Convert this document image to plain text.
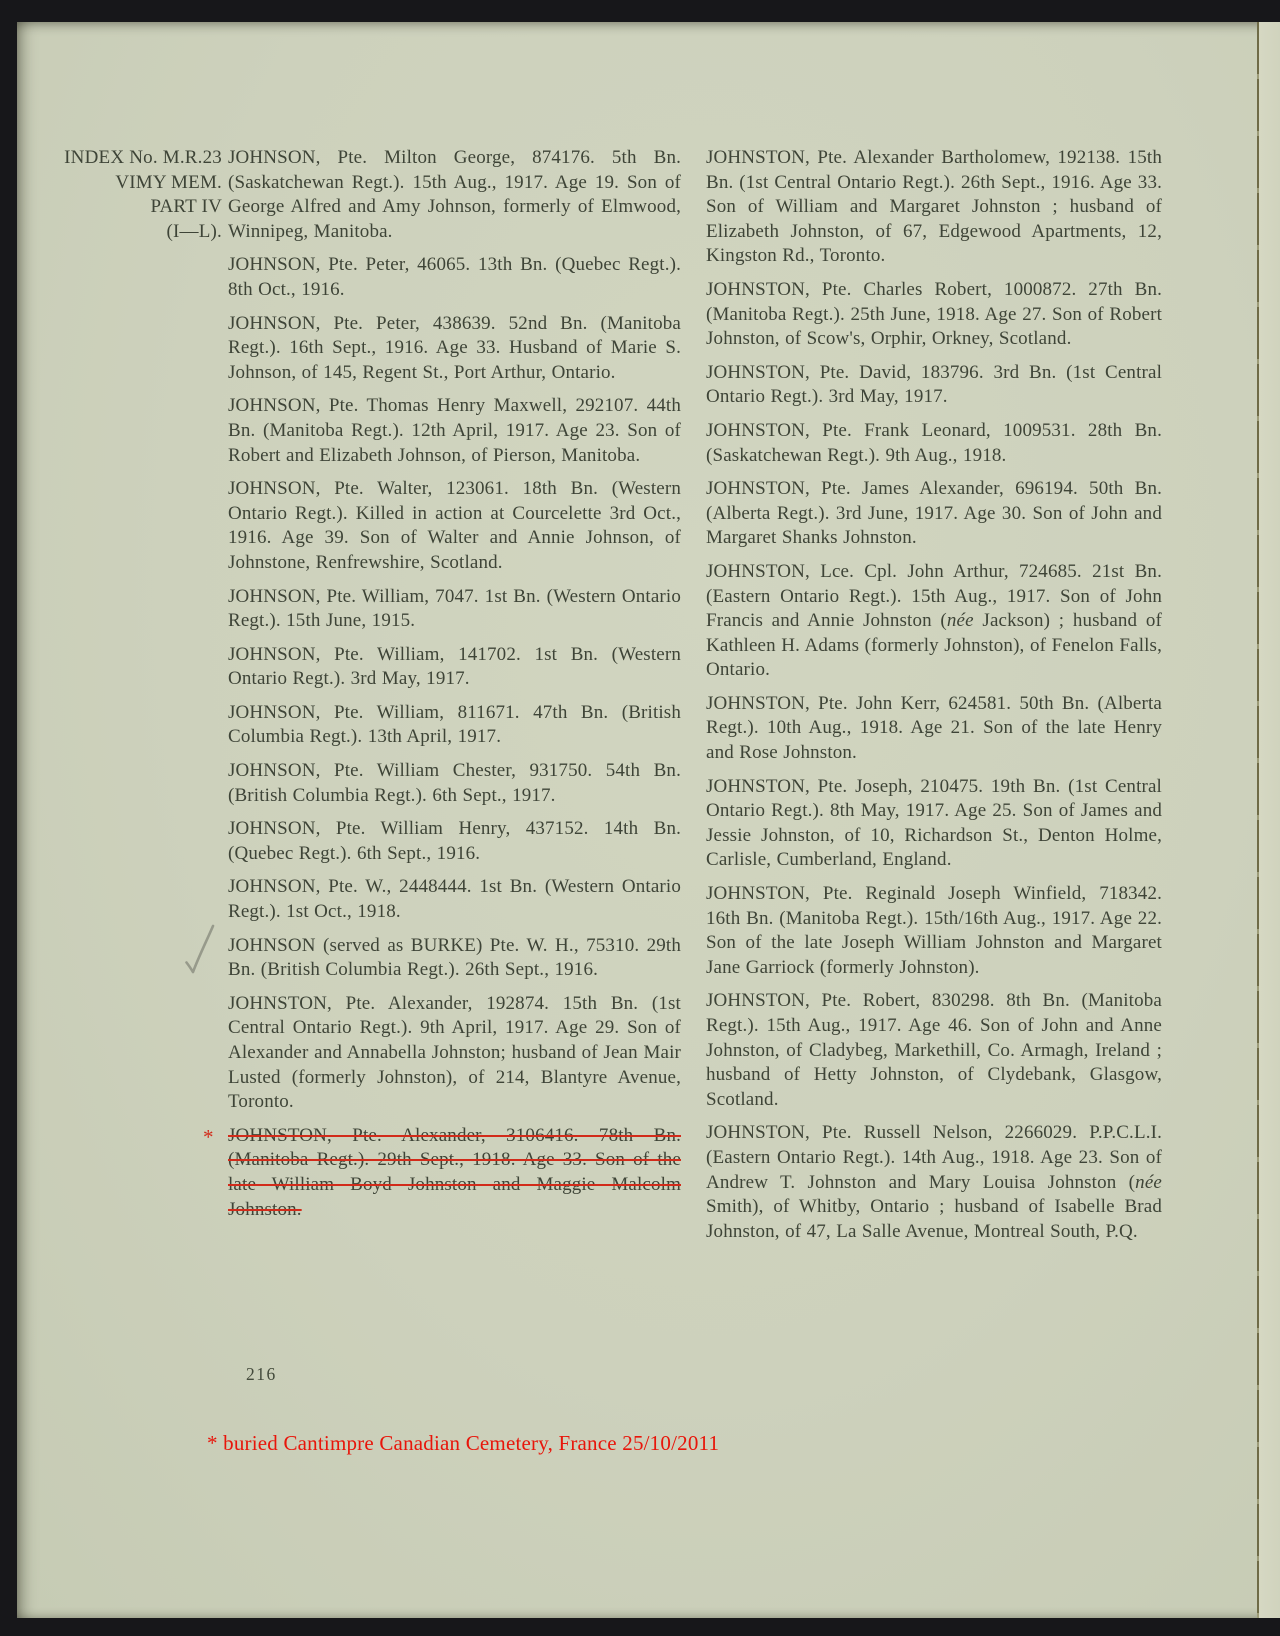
INDEX No. M.R.23
VIMY MEM.
PART IV
(I—L).

JOHNSON, Pte. Milton George, 874176. 5th Bn. (Saskatchewan Regt.). 15th Aug., 1917. Age 19. Son of George Alfred and Amy Johnson, formerly of Elmwood, Winnipeg, Manitoba.

JOHNSON, Pte. Peter, 46065. 13th Bn. (Quebec Regt.). 8th Oct., 1916.

JOHNSON, Pte. Peter, 438639. 52nd Bn. (Manitoba Regt.). 16th Sept., 1916. Age 33. Husband of Marie S. Johnson, of 145, Regent St., Port Arthur, Ontario.

JOHNSON, Pte. Thomas Henry Maxwell, 292107. 44th Bn. (Manitoba Regt.). 12th April, 1917. Age 23. Son of Robert and Elizabeth Johnson, of Pierson, Manitoba.

JOHNSON, Pte. Walter, 123061. 18th Bn. (Western Ontario Regt.). Killed in action at Courcelette 3rd Oct., 1916. Age 39. Son of Walter and Annie Johnson, of Johnstone, Renfrewshire, Scotland.

JOHNSON, Pte. William, 7047. 1st Bn. (Western Ontario Regt.). 15th June, 1915.

JOHNSON, Pte. William, 141702. 1st Bn. (Western Ontario Regt.). 3rd May, 1917.

JOHNSON, Pte. William, 811671. 47th Bn. (British Columbia Regt.). 13th April, 1917.

JOHNSON, Pte. William Chester, 931750. 54th Bn. (British Columbia Regt.). 6th Sept., 1917.

JOHNSON, Pte. William Henry, 437152. 14th Bn. (Quebec Regt.). 6th Sept., 1916.

JOHNSON, Pte. W., 2448444. 1st Bn. (Western Ontario Regt.). 1st Oct., 1918.

JOHNSON (served as BURKE) Pte. W. H., 75310. 29th Bn. (British Columbia Regt.). 26th Sept., 1916.

JOHNSTON, Pte. Alexander, 192874. 15th Bn. (1st Central Ontario Regt.). 9th April, 1917. Age 29. Son of Alexander and Annabella Johnston; husband of Jean Mair Lusted (formerly Johnston), of 214, Blantyre Avenue, Toronto.

* JOHNSTON, Pte. Alexander, 3106416. 78th Bn. (Manitoba Regt.). 29th Sept., 1918. Age 33. Son of the late William Boyd Johnston and Maggie Malcolm Johnston.

JOHNSTON, Pte. Alexander Bartholomew, 192138. 15th Bn. (1st Central Ontario Regt.). 26th Sept., 1916. Age 33. Son of William and Margaret Johnston ; husband of Elizabeth Johnston, of 67, Edgewood Apartments, 12, Kingston Rd., Toronto.

JOHNSTON, Pte. Charles Robert, 1000872. 27th Bn. (Manitoba Regt.). 25th June, 1918. Age 27. Son of Robert Johnston, of Scow's, Orphir, Orkney, Scotland.

JOHNSTON, Pte. David, 183796. 3rd Bn. (1st Central Ontario Regt.). 3rd May, 1917.

JOHNSTON, Pte. Frank Leonard, 1009531. 28th Bn. (Saskatchewan Regt.). 9th Aug., 1918.

JOHNSTON, Pte. James Alexander, 696194. 50th Bn. (Alberta Regt.). 3rd June, 1917. Age 30. Son of John and Margaret Shanks Johnston.

JOHNSTON, Lce. Cpl. John Arthur, 724685. 21st Bn. (Eastern Ontario Regt.). 15th Aug., 1917. Son of John Francis and Annie Johnston (née Jackson) ; husband of Kathleen H. Adams (formerly Johnston), of Fenelon Falls, Ontario.

JOHNSTON, Pte. John Kerr, 624581. 50th Bn. (Alberta Regt.). 10th Aug., 1918. Age 21. Son of the late Henry and Rose Johnston.

JOHNSTON, Pte. Joseph, 210475. 19th Bn. (1st Central Ontario Regt.). 8th May, 1917. Age 25. Son of James and Jessie Johnston, of 10, Richardson St., Denton Holme, Carlisle, Cumberland, England.

JOHNSTON, Pte. Reginald Joseph Winfield, 718342. 16th Bn. (Manitoba Regt.). 15th/16th Aug., 1917. Age 22. Son of the late Joseph William Johnston and Margaret Jane Garriock (formerly Johnston).

JOHNSTON, Pte. Robert, 830298. 8th Bn. (Manitoba Regt.). 15th Aug., 1917. Age 46. Son of John and Anne Johnston, of Cladybeg, Markethill, Co. Armagh, Ireland ; husband of Hetty Johnston, of Clydebank, Glasgow, Scotland.

JOHNSTON, Pte. Russell Nelson, 2266029. P.P.C.L.I. (Eastern Ontario Regt.). 14th Aug., 1918. Age 23. Son of Andrew T. Johnston and Mary Louisa Johnston (née Smith), of Whitby, Ontario ; husband of Isabelle Brad Johnston, of 47, La Salle Avenue, Montreal South, P.Q.

216
* buried Cantimpre Canadian Cemetery, France 25/10/2011
